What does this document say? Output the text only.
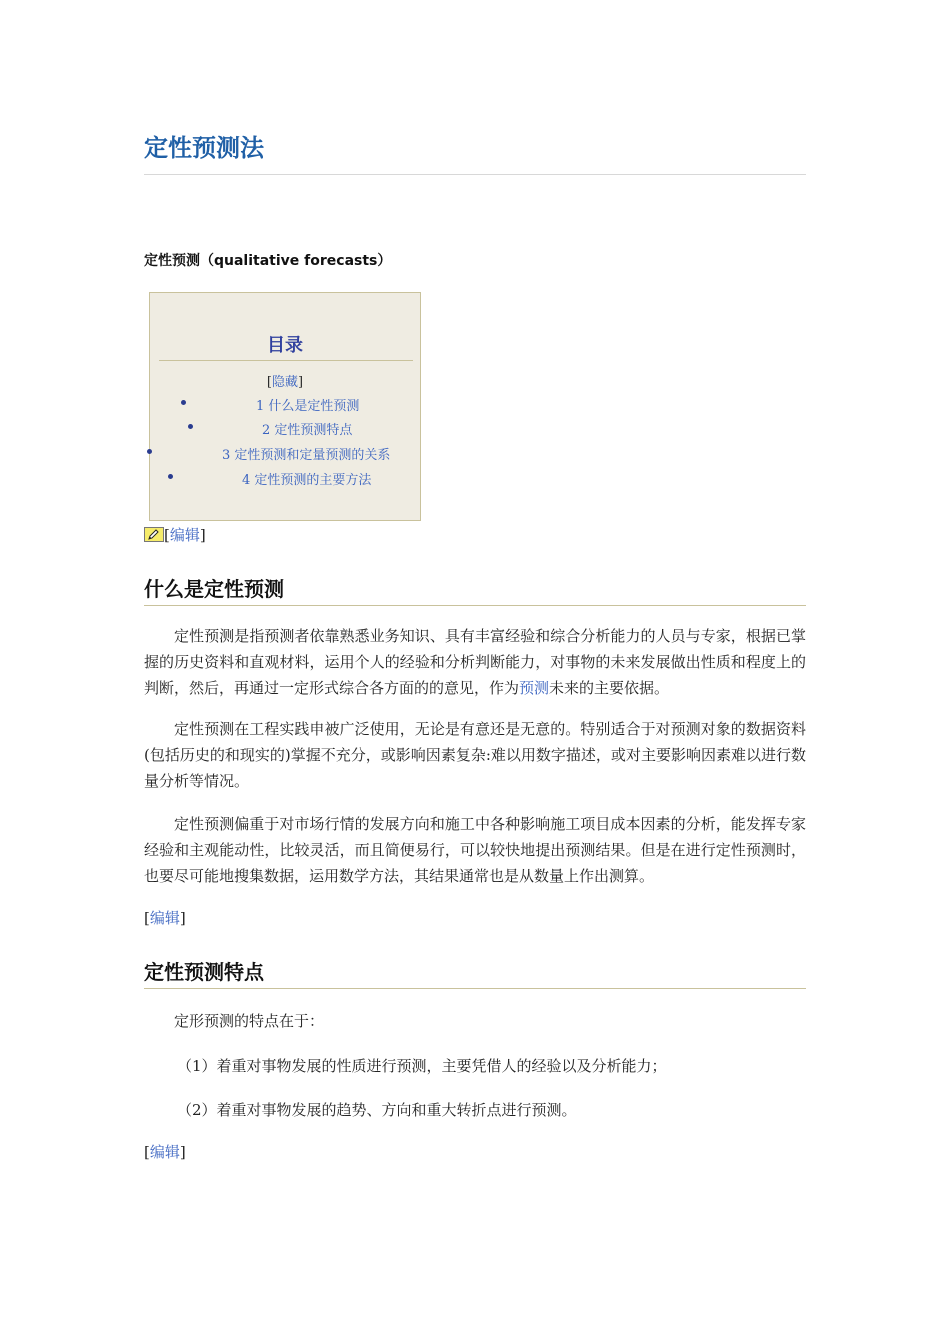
定性预测法
定性预测（qualitative forecasts）
目录
[隐藏]
1 什么是定性预测
2 定性预测特点
3 定性预测和定量预测的关系
4 定性预测的主要方法
[编辑]
什么是定性预测

定性预测是指预测者依靠熟悉业务知识、具有丰富经验和综合分析能力的人员与专家，根据已掌握的历史资料和直观材料，运用个人的经验和分析判断能力，对事物的未来发展做出性质和程度上的判断，然后，再通过一定形式综合各方面的的意见，作为预测未来的主要依据。

定性预测在工程实践申被广泛使用，无论是有意还是无意的。特别适合于对预测对象的数据资料(包括历史的和现实的)掌握不充分，或影响因素复杂:难以用数字描述，或对主要影响因素难以进行数量分析等情况。

定性预测偏重于对市场行情的发展方向和施工中各种影响施工项目成本因素的分析，能发挥专家经验和主观能动性，比较灵活，而且简便易行，可以较快地提出预测结果。但是在进行定性预测时，也要尽可能地搜集数据，运用数学方法，其结果通常也是从数量上作出测算。

[编辑]
定性预测特点

定形预测的特点在于：

（1）着重对事物发展的性质进行预测，主要凭借人的经验以及分析能力；

（2）着重对事物发展的趋势、方向和重大转折点进行预测。

[编辑]
